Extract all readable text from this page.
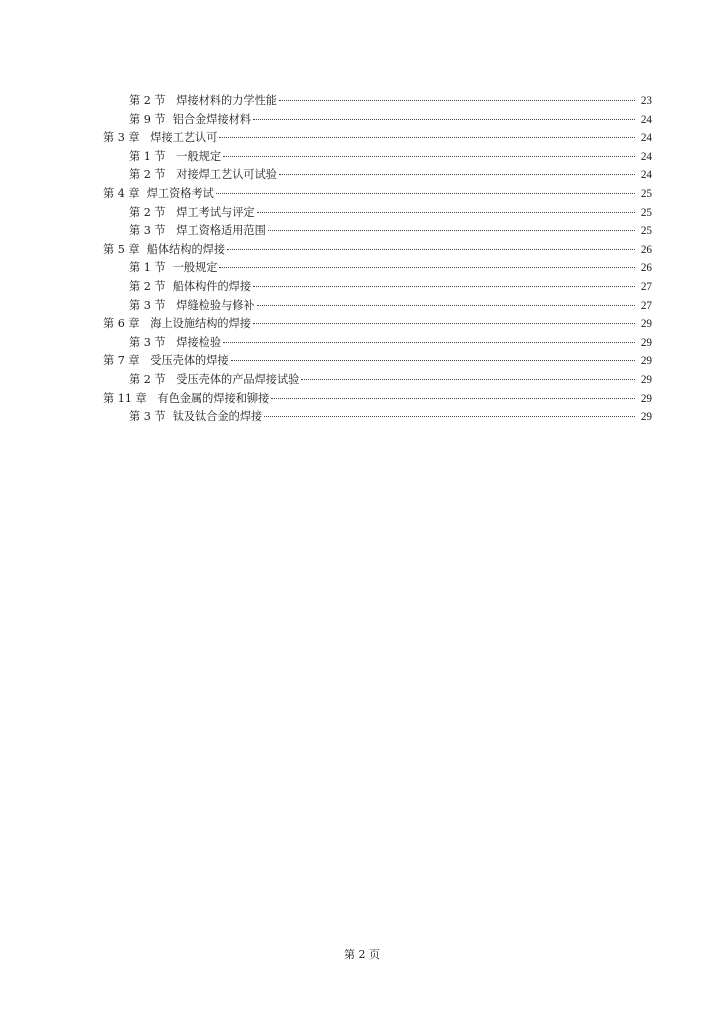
第 2 节   焊接材料的力学性能	23
第 9 节  铝合金焊接材料	24
第 3 章   焊接工艺认可	24
第 1 节   一般规定	24
第 2 节   对接焊工艺认可试验	24
第 4 章  焊工资格考试	25
第 2 节   焊工考试与评定	25
第 3 节   焊工资格适用范围	25
第 5 章  船体结构的焊接	26
第 1 节  一般规定	26
第 2 节  船体构件的焊接	27
第 3 节   焊缝检验与修补	27
第 6 章   海上设施结构的焊接	29
第 3 节   焊接检验	29
第 7 章   受压壳体的焊接	29
第 2 节   受压壳体的产品焊接试验	29
第 11 章   有色金属的焊接和铆接	29
第 3 节  钛及钛合金的焊接	29
第 2 页
